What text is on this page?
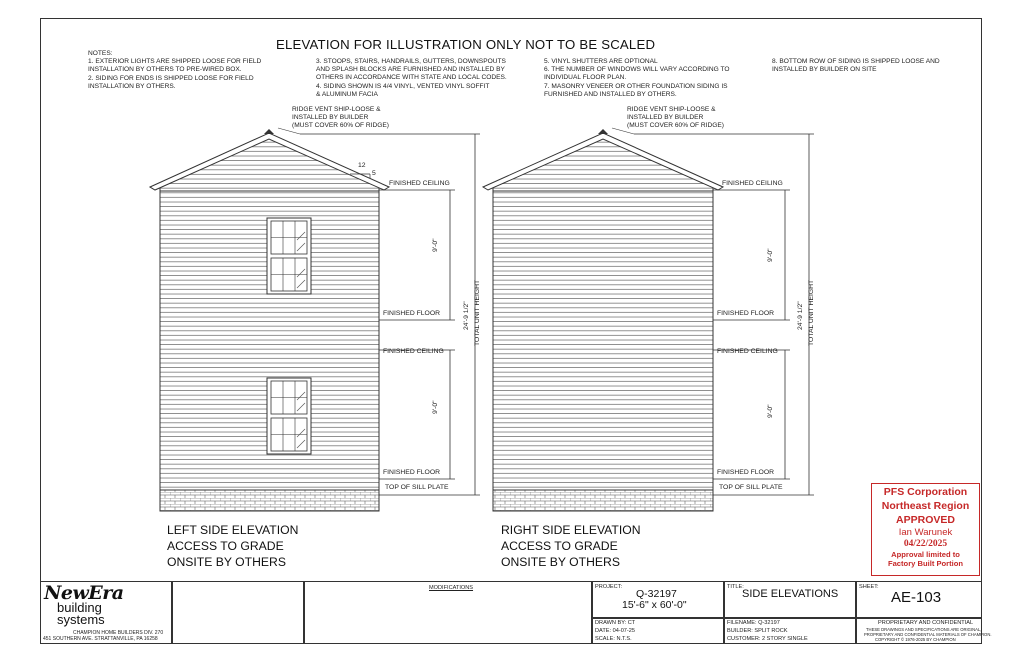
ELEVATION FOR ILLUSTRATION ONLY NOT TO BE SCALED
NOTES:
1. EXTERIOR LIGHTS ARE SHIPPED LOOSE FOR FIELD
INSTALLATION BY OTHERS TO PRE-WIRED BOX.
2. SIDING FOR ENDS IS SHIPPED LOOSE FOR FIELD
INSTALLATION BY OTHERS.
3. STOOPS, STAIRS, HANDRAILS, GUTTERS, DOWNSPOUTS
AND SPLASH BLOCKS ARE FURNISHED AND INSTALLED BY
OTHERS IN ACCORDANCE WITH STATE AND LOCAL CODES.
4. SIDING SHOWN IS 4/4 VINYL, VENTED VINYL SOFFIT
& ALUMINUM FACIA
5. VINYL SHUTTERS ARE OPTIONAL
6. THE NUMBER OF WINDOWS WILL VARY ACCORDING TO
INDIVIDUAL FLOOR PLAN.
7. MASONRY VENEER OR OTHER FOUNDATION SIDING IS
FURNISHED AND INSTALLED BY OTHERS.
8. BOTTOM ROW OF SIDING IS SHIPPED LOOSE AND
INSTALLED BY BUILDER ON SITE
RIDGE VENT SHIP-LOOSE &
INSTALLED BY BUILDER
(MUST COVER 60% OF RIDGE)
12
5
FINISHED CEILING
FINISHED FLOOR
FINISHED CEILING
FINISHED FLOOR
TOP OF SILL PLATE
9'-0"
9'-0"
24'-9 1/2" TOTAL UNIT HEIGHT
RIDGE VENT SHIP-LOOSE &
INSTALLED BY BUILDER
(MUST COVER 60% OF RIDGE)
FINISHED CEILING
FINISHED FLOOR
FINISHED CEILING
FINISHED FLOOR
TOP OF SILL PLATE
9'-0"
9'-0"
24'-9 1/2" TOTAL UNIT HEIGHT
LEFT SIDE ELEVATION
ACCESS TO GRADE
ONSITE BY OTHERS
RIGHT SIDE ELEVATION
ACCESS TO GRADE
ONSITE BY OTHERS
PFS Corporation
Northeast Region
APPROVED
Ian Warunek
04/22/2025
Approval limited to
Factory Built Portion
NewEra
building
systems
CHAMPION HOME BUILDERS DIV. 270
451 SOUTHERN AVE. STRATTANVILLE, PA 16258
MODIFICATIONS	PROJECT:
Q-32197
15'-6" x 60'-0"
TITLE:
SIDE ELEVATIONS
SHEET:
AE-103
DRAWN BY: CT
DATE: 04-07-25
SCALE: N.T.S.
FILENAME: Q-32197
BUILDER: SPLIT ROCK
CUSTOMER: 2 STORY SINGLE
PROPRIETARY AND CONFIDENTIAL
THESE DRAWINGS AND SPECIFICATIONS ARE ORIGINAL,
PROPRIETARY AND CONFIDENTIAL MATERIALS OF CHAMPION.
COPYRIGHT © 1976-2025 BY CHAMPION
